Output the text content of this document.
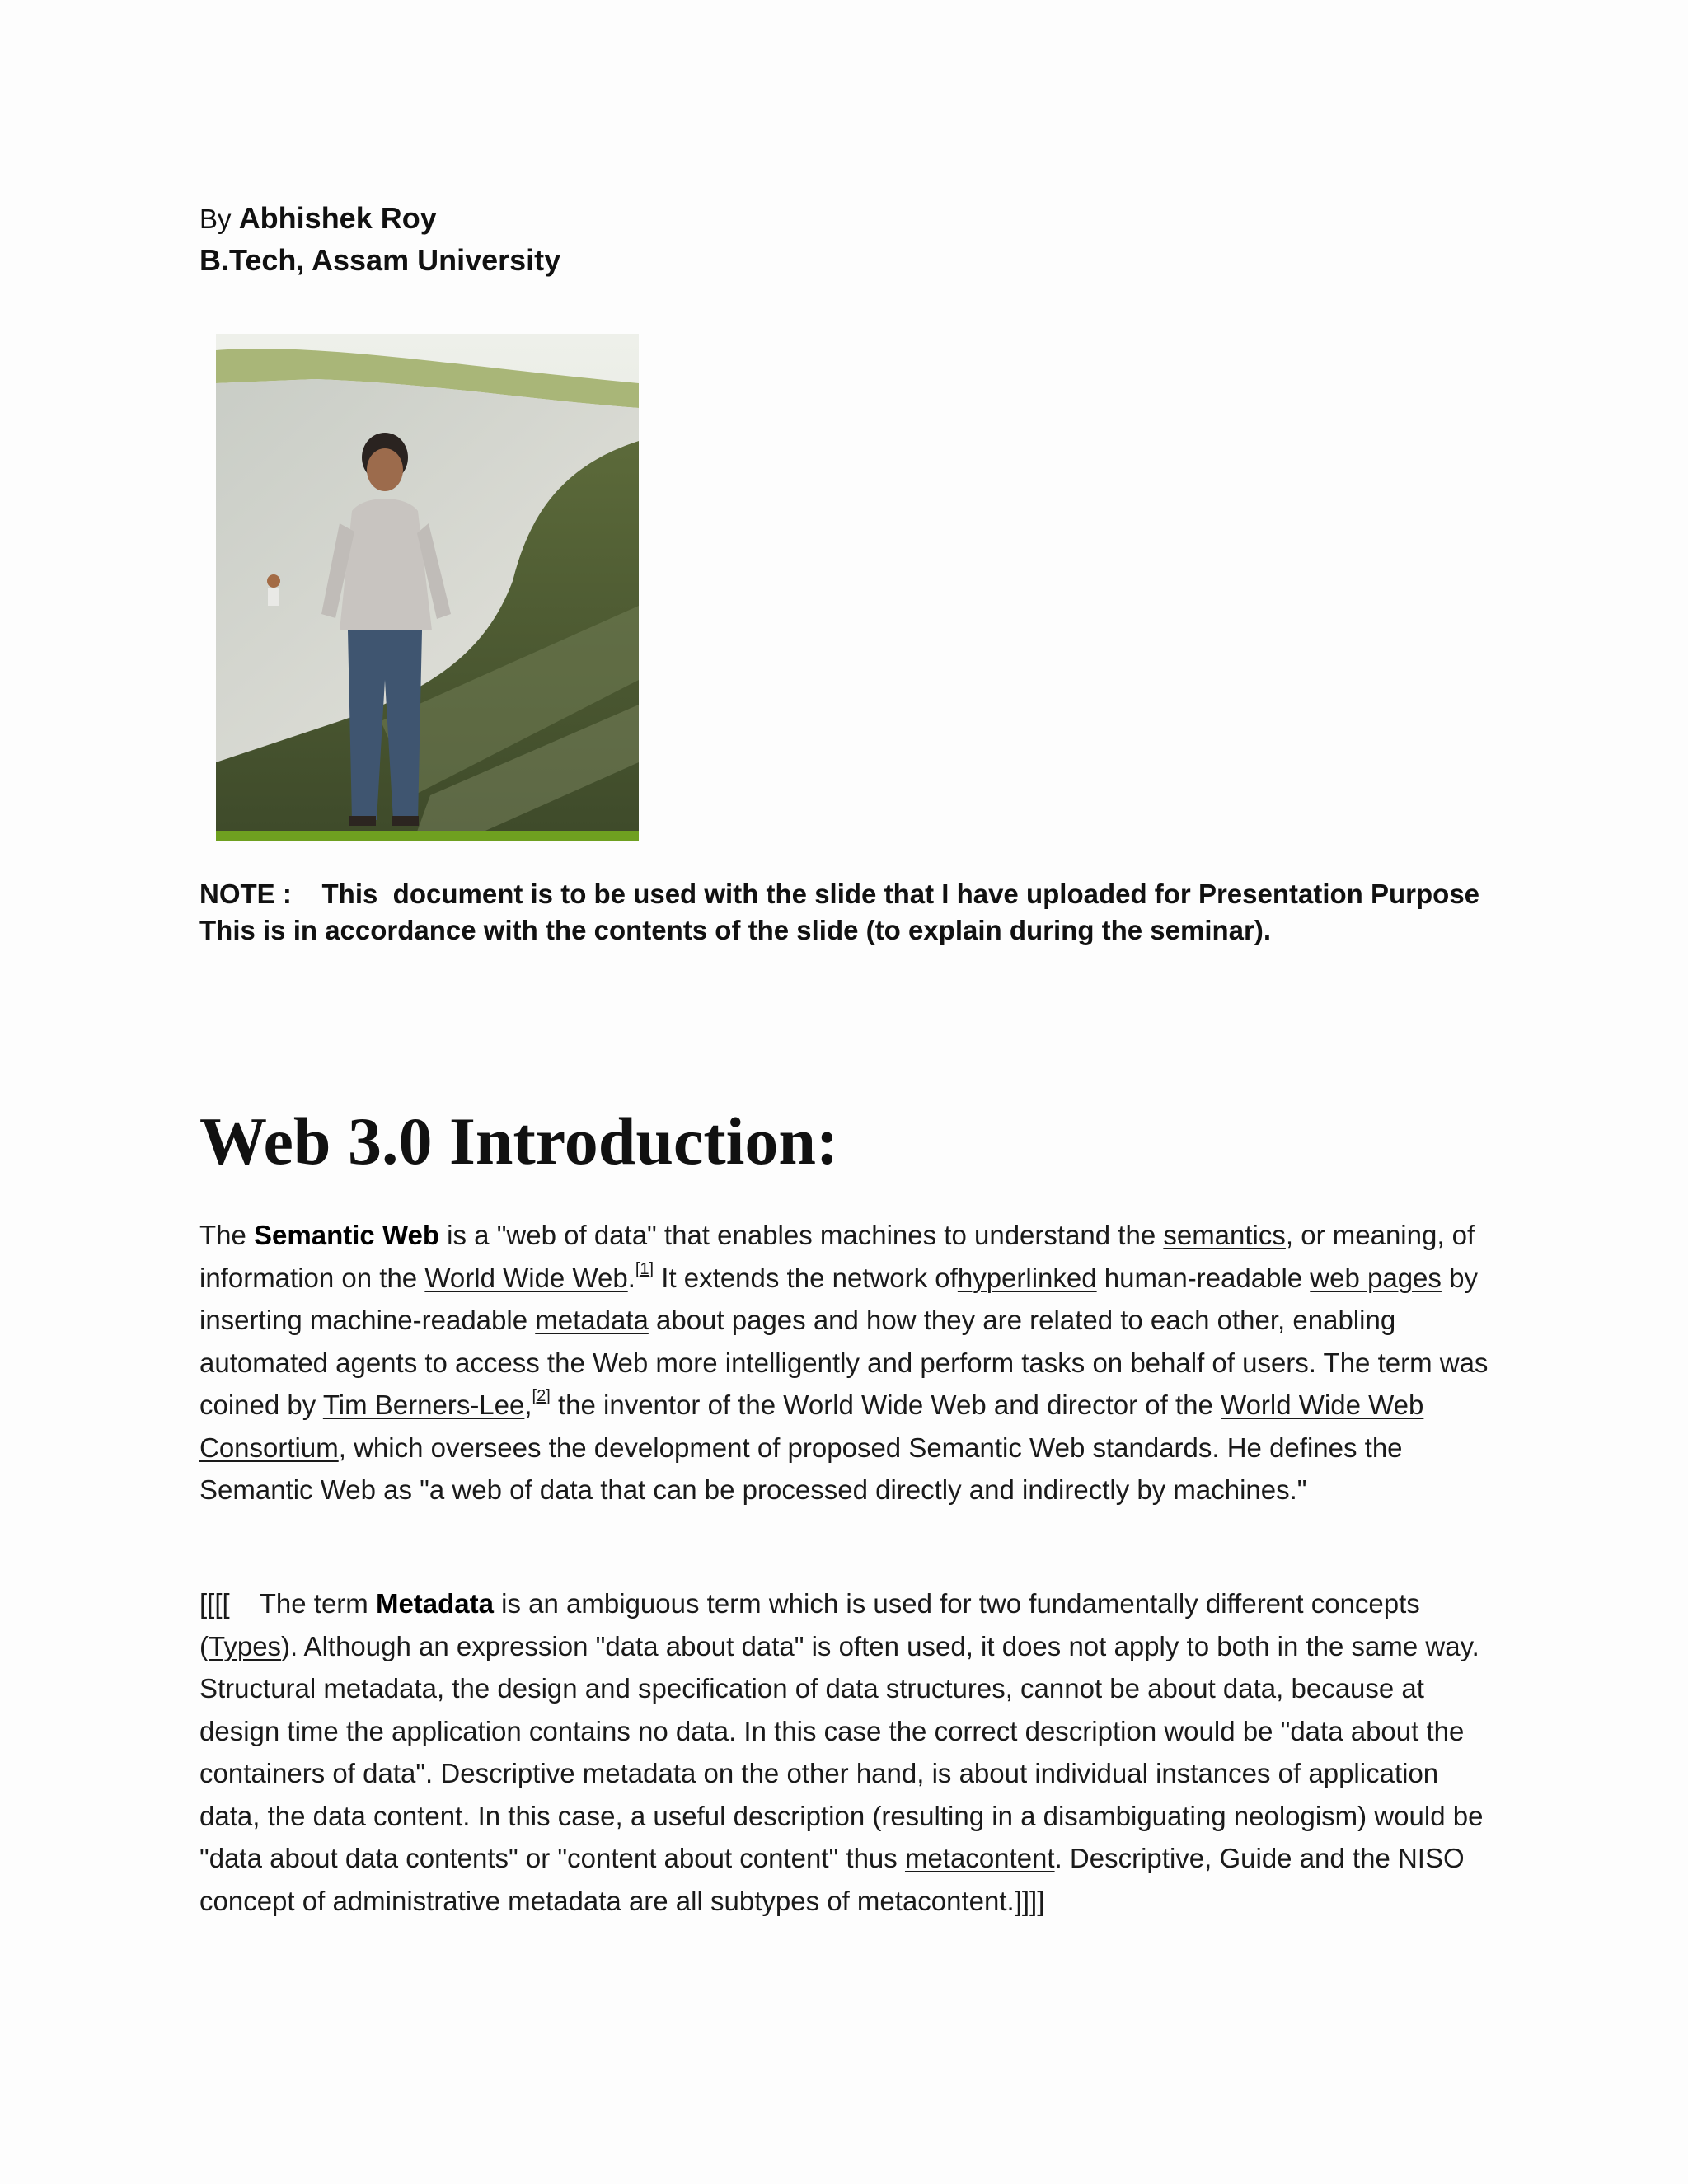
By Abhishek Roy
B.Tech, Assam University
NOTE :    This  document is to be used with the slide that I have uploaded for Presentation Purpose
This is in accordance with the contents of the slide (to explain during the seminar).
Web 3.0 Introduction:

The Semantic Web is a "web of data" that enables machines to understand the semantics, or meaning, of information on the World Wide Web.[1] It extends the network ofhyperlinked human-readable web pages by inserting machine-readable metadata about pages and how they are related to each other, enabling automated agents to access the Web more intelligently and perform tasks on behalf of users. The term was coined by Tim Berners-Lee,[2] the inventor of the World Wide Web and director of the World Wide Web Consortium, which oversees the development of proposed Semantic Web standards. He defines the Semantic Web as "a web of data that can be processed directly and indirectly by machines."

[[[[    The term Metadata is an ambiguous term which is used for two fundamentally different concepts (Types). Although an expression "data about data" is often used, it does not apply to both in the same way. Structural metadata, the design and specification of data structures, cannot be about data, because at design time the application contains no data. In this case the correct description would be "data about the containers of data". Descriptive metadata on the other hand, is about individual instances of application data, the data content. In this case, a useful description (resulting in a disambiguating neologism) would be "data about data contents" or "content about content" thus metacontent. Descriptive, Guide and the NISO concept of administrative metadata are all subtypes of metacontent.]]]]
